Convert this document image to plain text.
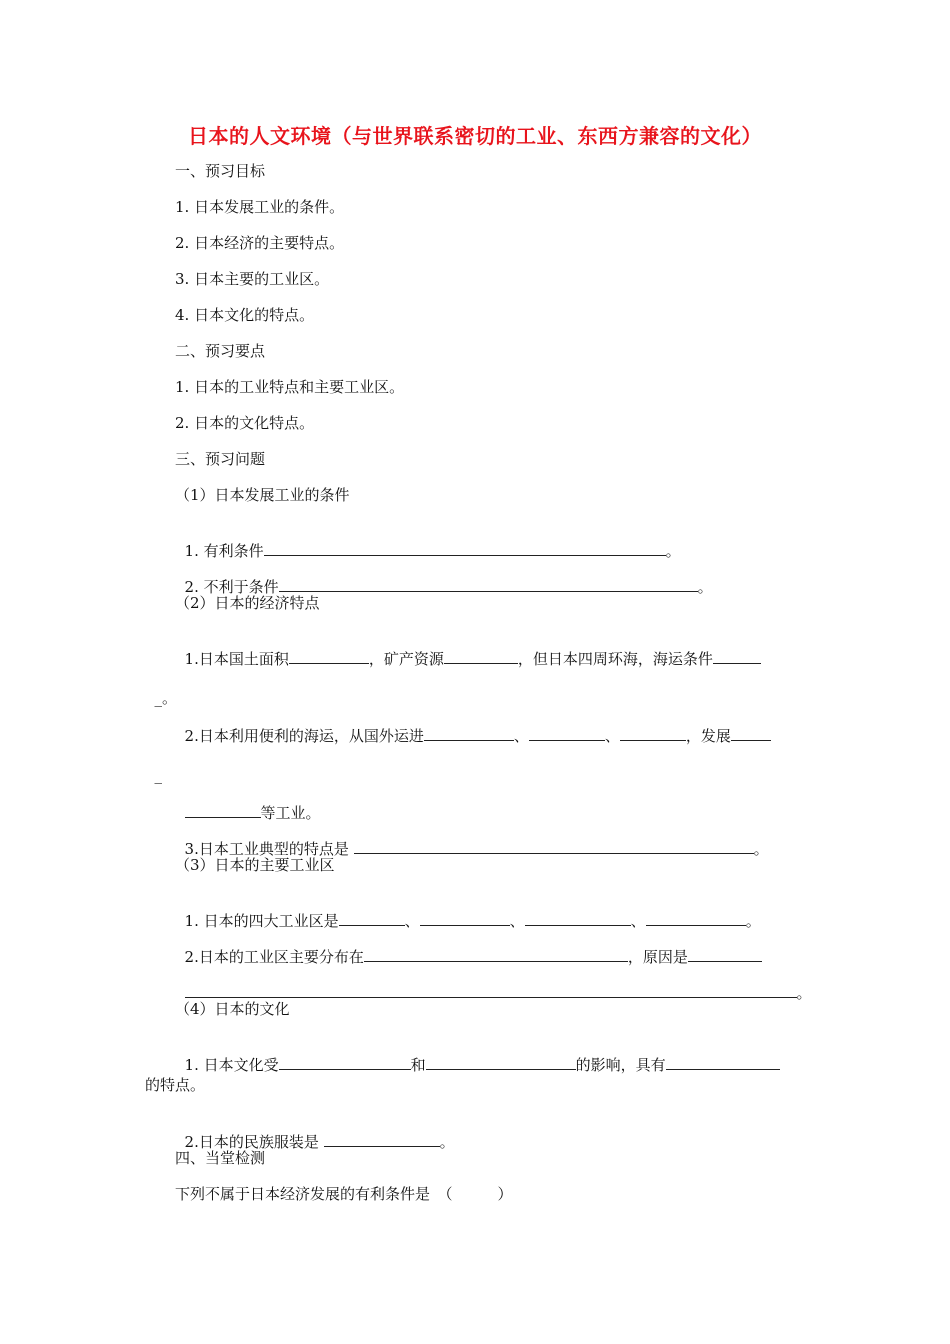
日本的人文环境（与世界联系密切的工业、东西方兼容的文化）
一、预习目标
1. 日本发展工业的条件。
2. 日本经济的主要特点。
3. 日本主要的工业区。
4. 日本文化的特点。
二、预习要点
1. 日本的工业特点和主要工业区。
2. 日本的文化特点。
三、预习问题
（1）日本发展工业的条件

1. 有利条件	。

2. 不利于条件	。

（2）日本的经济特点

1.日本国土面积	，矿产资源	，但日本四周环海，海运条件

_。

2.日本利用便利的海运，从国外运进	、	、	，发展

_

等工业。

3.日本工业典型的特点是	。

（3）日本的主要工业区

1. 日本的四大工业区是	、	、	、	。

2.日本的工业区主要分布在	，原因是

。

（4）日本的文化

1. 日本文化受	和	的影响，具有

的特点。

2.日本的民族服装是	。

四、当堂检测
下列不属于日本经济发展的有利条件是　（　　　）
